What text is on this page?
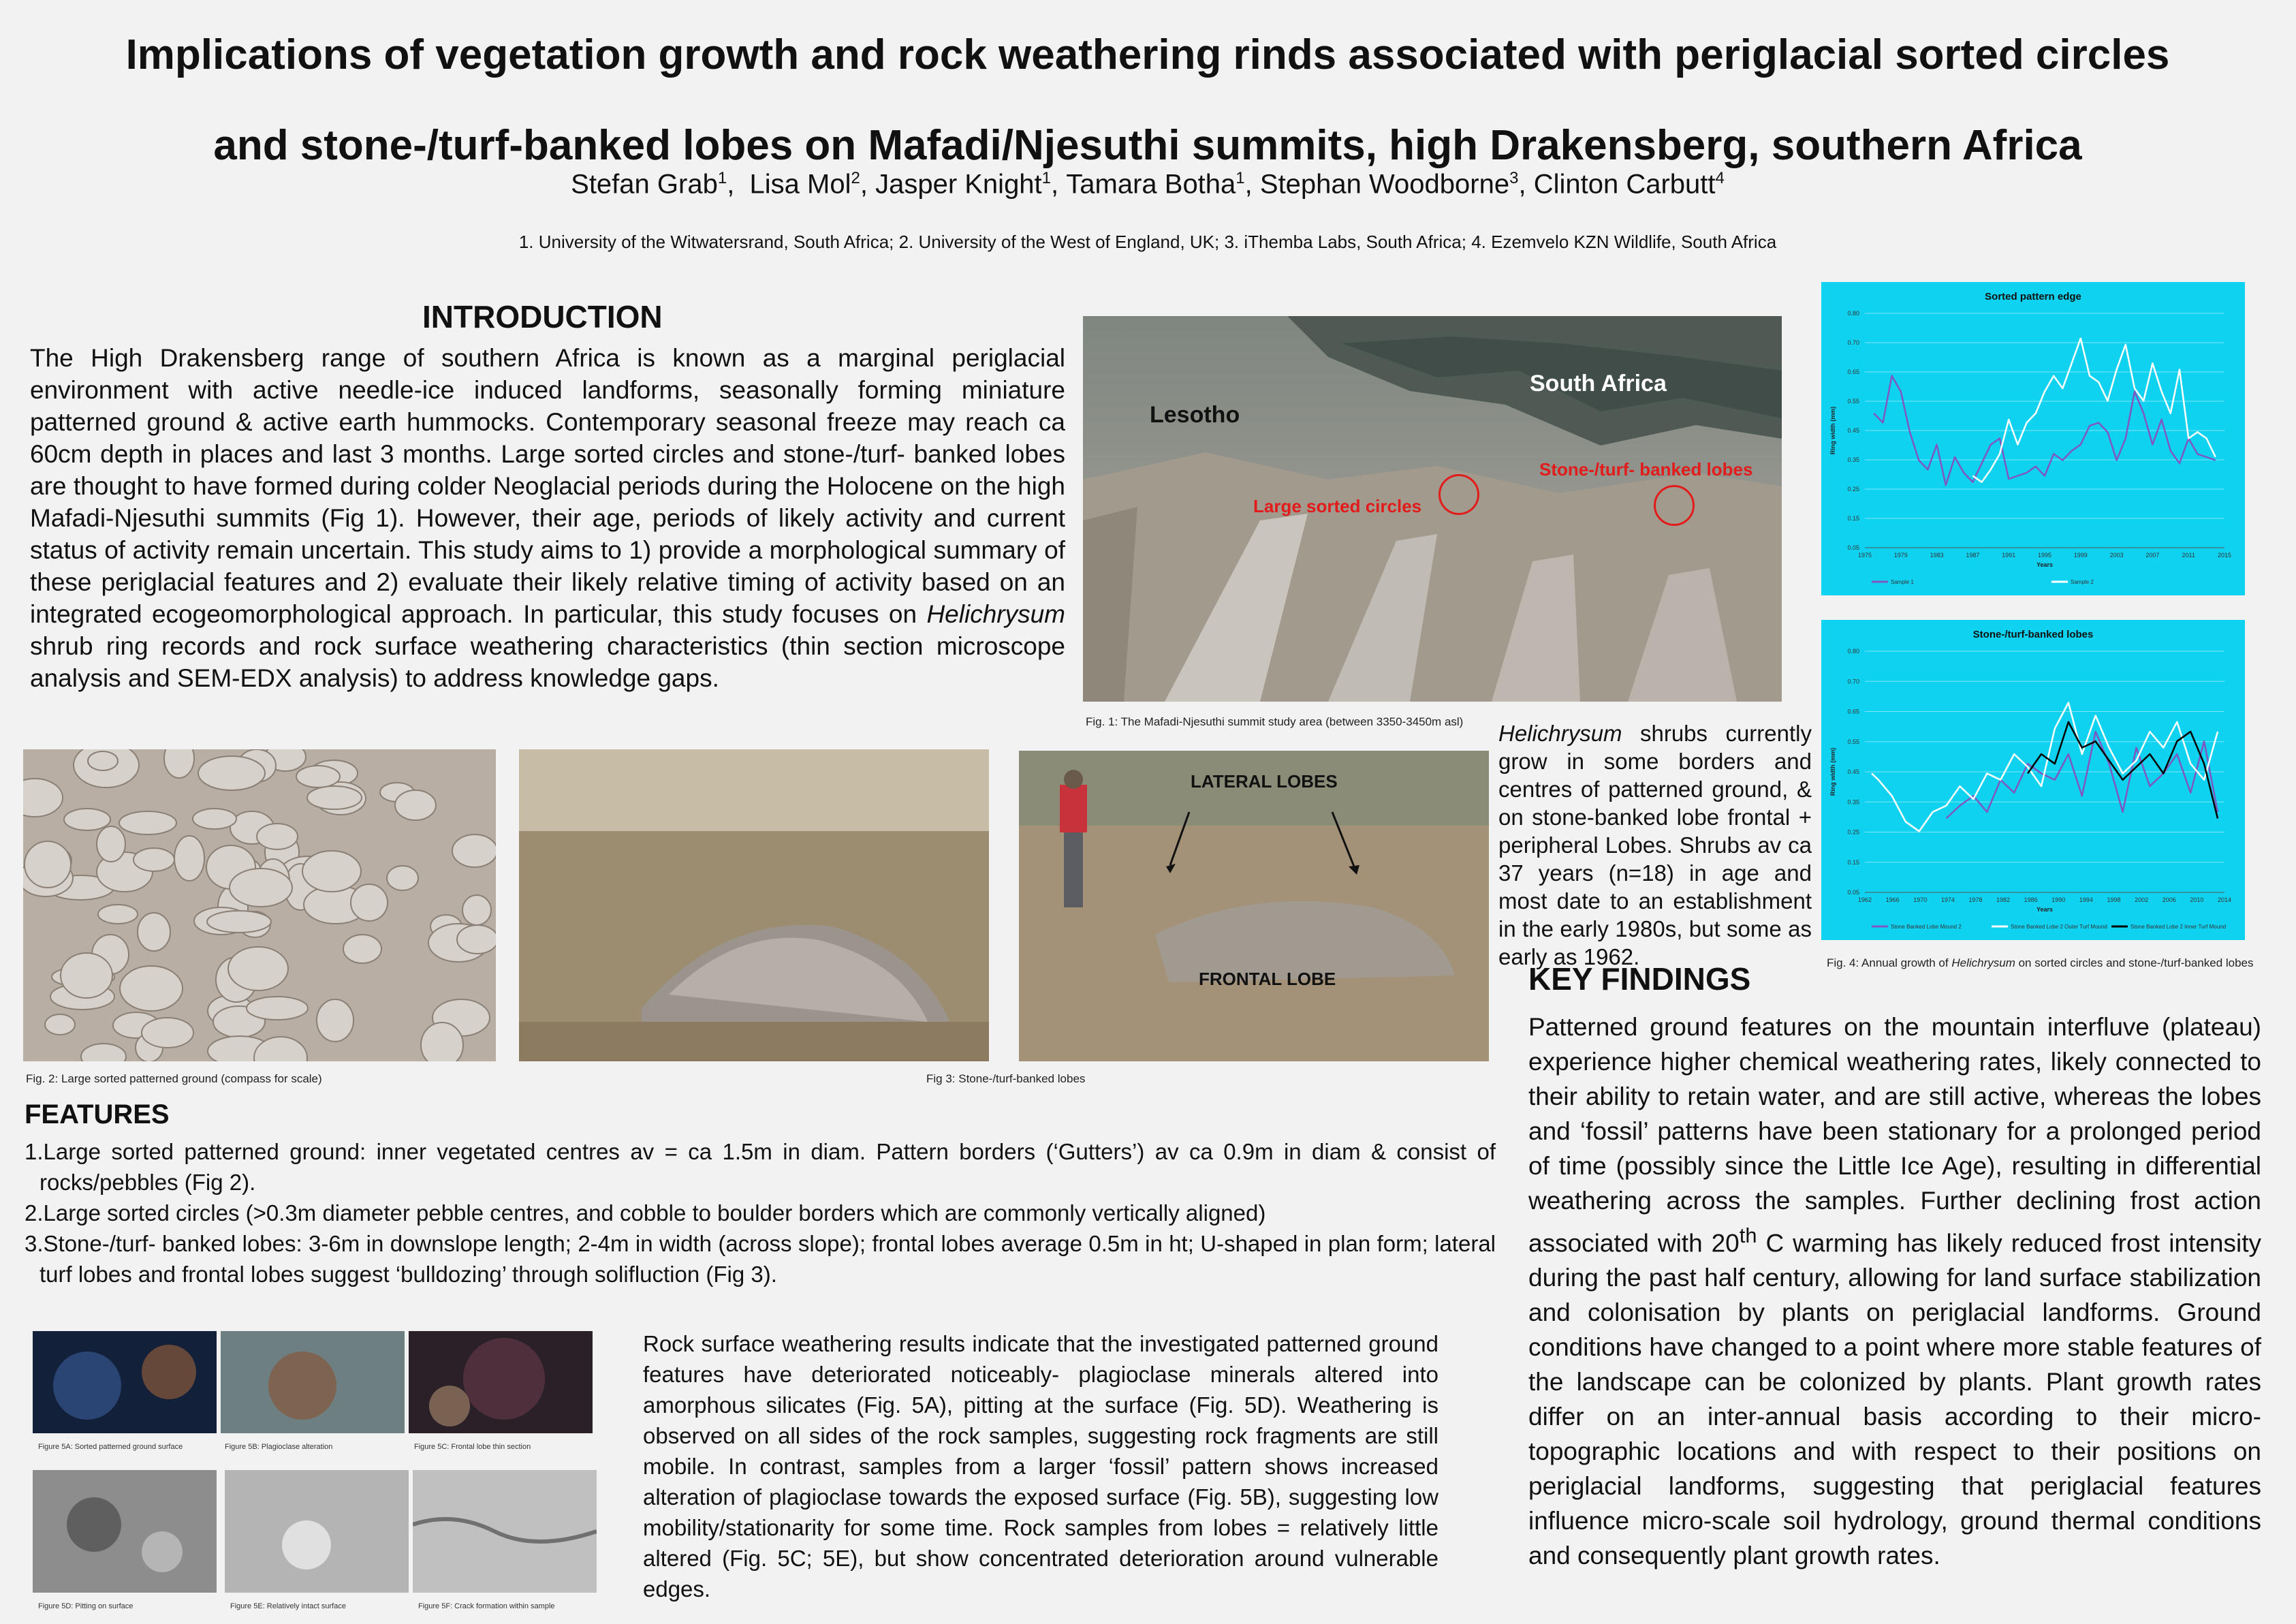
Implications of vegetation growth and rock weathering rinds associated with periglacial sorted circles
and stone-/turf-banked lobes on Mafadi/Njesuthi summits, high Drakensberg, southern Africa
Stefan Grab$^1$,  Lisa Mol$^2$, Jasper Knight$^1$, Tamara Botha$^1$, Stephan Woodborne$^3$, Clinton Carbutt$^4$
1. University of the Witwatersrand, South Africa; 2. University of the West of England, UK; 3. iThemba Labs, South Africa; 4. Ezemvelo KZN Wildlife, South Africa
INTRODUCTION
The High Drakensberg range of southern Africa is known as a marginal periglacial environment with active needle-ice induced landforms, seasonally forming miniature patterned ground & active earth hummocks. Contemporary seasonal freeze may reach ca 60cm depth in places and last 3 months. Large sorted circles and stone-/turf- banked lobes are thought to have formed during colder Neoglacial periods during the Holocene on the high Mafadi-Njesuthi summits (Fig 1). However, their age, periods of likely activity and current status of activity remain uncertain. This study aims to 1) provide a morphological summary of these periglacial features and 2) evaluate their likely relative timing of activity based on an integrated ecogeomorphological approach. In particular, this study focuses on Helichrysum shrub ring records and rock surface weathering characteristics (thin section microscope analysis and SEM-EDX analysis) to address knowledge gaps.
Lesotho
South Africa
Large sorted circles
Stone-/turf- banked lobes
Fig. 1: The Mafadi-Njesuthi summit study area (between 3350-3450m asl)
Fig. 2: Large sorted patterned ground (compass for scale)
LATERAL LOBES
FRONTAL LOBE
Fig 3: Stone-/turf-banked lobes
Helichrysum shrubs currently grow in some borders and centres of patterned ground, & on stone-banked lobe frontal + peripheral Lobes. Shrubs av ca 37 years (n=18) in age and most date to an establishment in the early 1980s, but some as early as 1962.
Sorted pattern edge
0.80
0.70
0.65
0.55
0.45
0.35
0.25
0.15
0.05
1975	1979	1983	1987	1991	1995	1999	2003	2007	2011	2015
Years
Ring width (mm)
Sample 1	Sample 2
Stone-/turf-banked lobes
0.80
0.70
0.65
0.55
0.45
0.35
0.25
0.15
0.05
1962 1966 1970 1974 1978 1982 1986 1990 1994 1998 2002 2006 2010 2014
Years
Ring width (mm)
Stone Banked Lobe Mound 2	Stone Banked Lobe 2 Outer Turf Mound	Stone Banked Lobe 2 Inner Turf Mound
Fig. 4: Annual growth of Helichrysum on sorted circles and stone-/turf-banked lobes
KEY FINDINGS
Patterned ground features on the mountain interfluve (plateau) experience higher chemical weathering rates, likely connected to their ability to retain water, and are still active, whereas the lobes and ‘fossil’ patterns have been stationary for a prolonged period of time (possibly since the Little Ice Age), resulting in differential weathering across the samples. Further declining frost action associated with 20th C warming has likely reduced frost intensity during the past half century, allowing for land surface stabilization and colonisation by plants on periglacial landforms. Ground conditions have changed to a point where more stable features of the landscape can be colonized by plants. Plant growth rates differ on an inter-annual basis according to their micro-topographic locations and with respect to their positions on periglacial landforms, suggesting that periglacial features influence micro-scale soil hydrology, ground thermal conditions and consequently plant growth rates.
FEATURES
1.Large sorted patterned ground: inner vegetated centres av = ca 1.5m in diam. Pattern borders (‘Gutters’) av ca 0.9m in diam & consist of rocks/pebbles (Fig 2).
2.Large sorted circles (>0.3m diameter pebble centres, and cobble to boulder borders which are commonly vertically aligned)
3.Stone-/turf- banked lobes: 3-6m in downslope length; 2-4m in width (across slope); frontal lobes average 0.5m in ht; U-shaped in plan form; lateral turf lobes and frontal lobes suggest ‘bulldozing’ through solifluction (Fig 3).
Figure 5A: Sorted patterned ground surface	Figure 5B: Plagioclase alteration	Figure 5C: Frontal lobe thin section
Figure 5D: Pitting on surface	Figure 5E: Relatively intact surface	Figure 5F: Crack formation within sample
Rock surface weathering results indicate that the investigated patterned ground features have deteriorated noticeably- plagioclase minerals altered into amorphous silicates (Fig. 5A), pitting at the surface (Fig. 5D). Weathering is observed on all sides of the rock samples, suggesting rock fragments are still mobile. In contrast, samples from a larger ‘fossil’ pattern shows increased alteration of plagioclase towards the exposed surface (Fig. 5B), suggesting low mobility/stationarity for some time. Rock samples from lobes = relatively little altered (Fig. 5C; 5E), but show concentrated deterioration around vulnerable edges.
